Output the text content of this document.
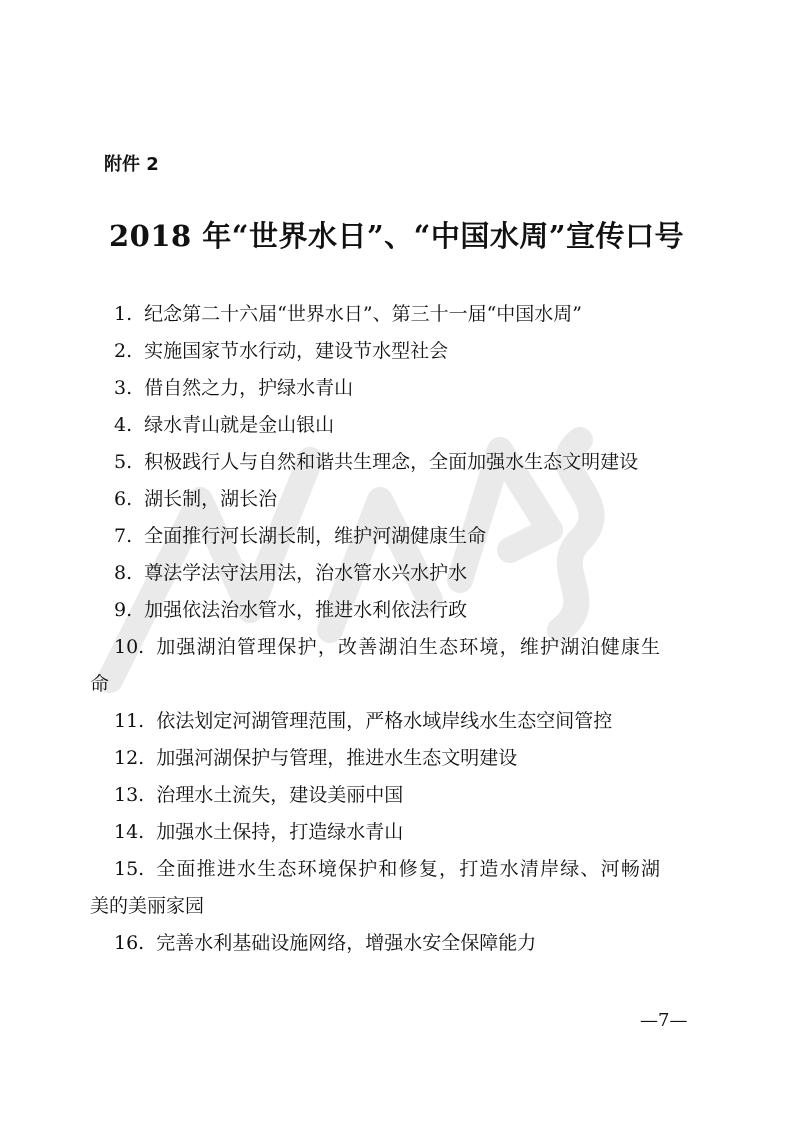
附件 2
2018 年“世界水日”、“中国水周”宣传口号
1. 纪念第二十六届“世界水日”、第三十一届“中国水周”
2. 实施国家节水行动，建设节水型社会
3. 借自然之力，护绿水青山
4. 绿水青山就是金山银山
5. 积极践行人与自然和谐共生理念，全面加强水生态文明建设
6. 湖长制，湖长治
7. 全面推行河长湖长制，维护河湖健康生命
8. 尊法学法守法用法，治水管水兴水护水
9. 加强依法治水管水，推进水利依法行政
10. 加强湖泊管理保护，改善湖泊生态环境，维护湖泊健康生
命
11. 依法划定河湖管理范围，严格水域岸线水生态空间管控
12. 加强河湖保护与管理，推进水生态文明建设
13. 治理水土流失，建设美丽中国
14. 加强水土保持，打造绿水青山
15. 全面推进水生态环境保护和修复，打造水清岸绿、河畅湖
美的美丽家园
16. 完善水利基础设施网络，增强水安全保障能力
—7—
